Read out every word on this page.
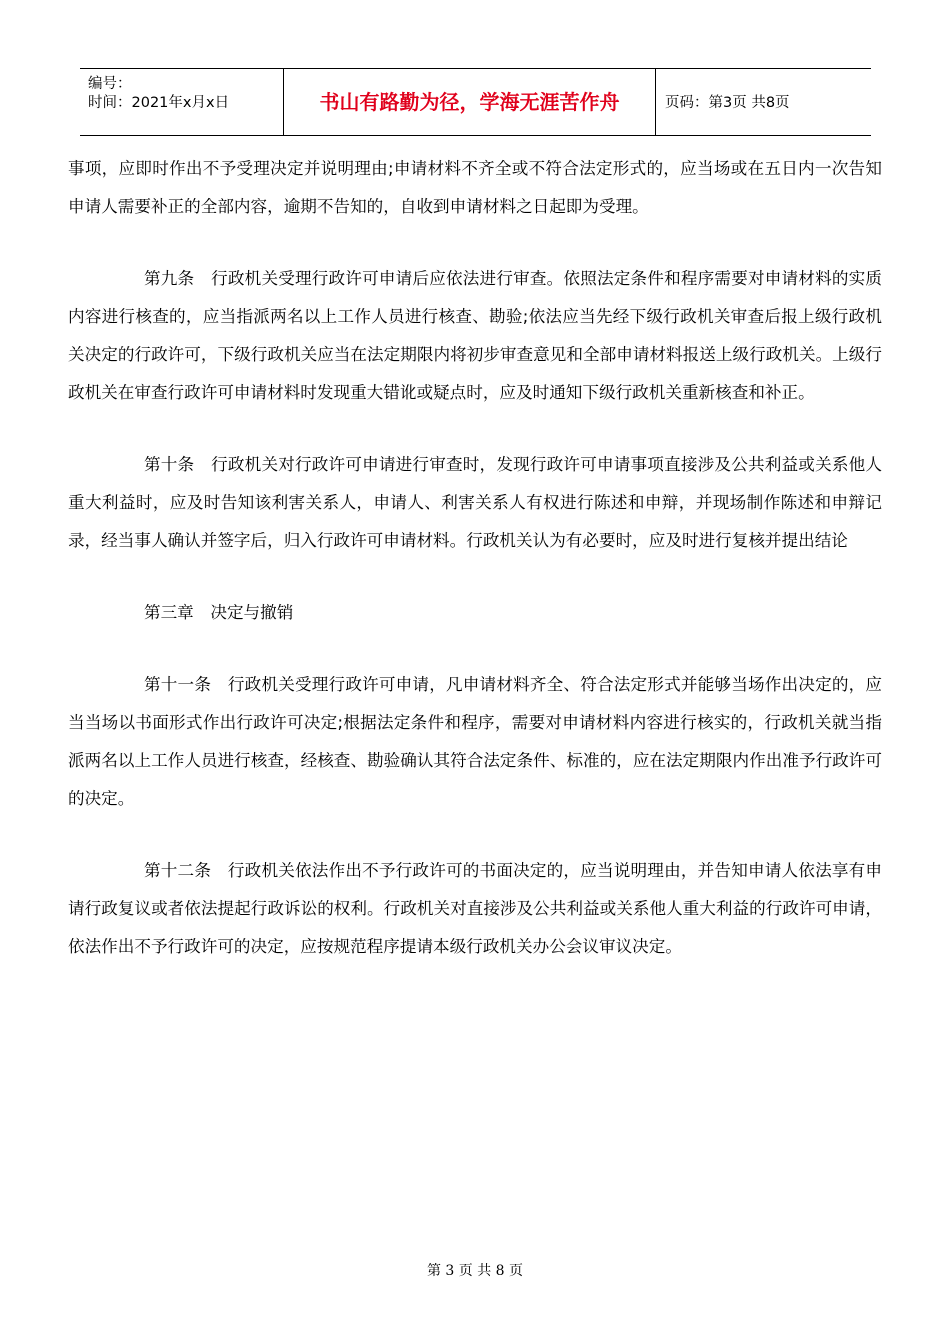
编号：
时间：2021年x月x日	书山有路勤为径，学海无涯苦作舟	页码：第3页 共8页

事项，应即时作出不予受理决定并说明理由;申请材料不齐全或不符合法定形式的，应当场或在五日内一次告知申请人需要补正的全部内容，逾期不告知的，自收到申请材料之日起即为受理。

第九条　行政机关受理行政许可申请后应依法进行审查。依照法定条件和程序需要对申请材料的实质内容进行核查的，应当指派两名以上工作人员进行核查、勘验;依法应当先经下级行政机关审查后报上级行政机关决定的行政许可，下级行政机关应当在法定期限内将初步审查意见和全部申请材料报送上级行政机关。上级行政机关在审查行政许可申请材料时发现重大错讹或疑点时，应及时通知下级行政机关重新核查和补正。

第十条　行政机关对行政许可申请进行审查时，发现行政许可申请事项直接涉及公共利益或关系他人重大利益时，应及时告知该利害关系人，申请人、利害关系人有权进行陈述和申辩，并现场制作陈述和申辩记录，经当事人确认并签字后，归入行政许可申请材料。行政机关认为有必要时，应及时进行复核并提出结论

第三章　决定与撤销

第十一条　行政机关受理行政许可申请，凡申请材料齐全、符合法定形式并能够当场作出决定的，应当当场以书面形式作出行政许可决定;根据法定条件和程序，需要对申请材料内容进行核实的，行政机关就当指派两名以上工作人员进行核查，经核查、勘验确认其符合法定条件、标准的，应在法定期限内作出准予行政许可的决定。

第十二条　行政机关依法作出不予行政许可的书面决定的，应当说明理由，并告知申请人依法享有申请行政复议或者依法提起行政诉讼的权利。行政机关对直接涉及公共利益或关系他人重大利益的行政许可申请，依法作出不予行政许可的决定，应按规范程序提请本级行政机关办公会议审议决定。

第 3 页 共 8 页
